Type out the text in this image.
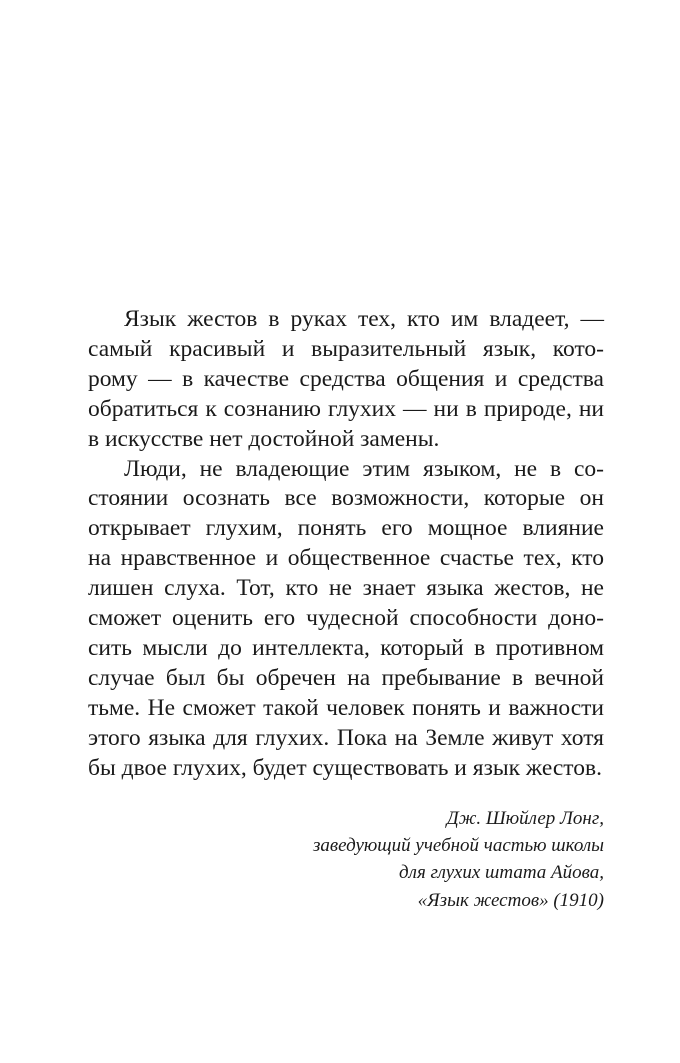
Язык жестов в руках тех, кто им владеет, —
самый красивый и выразительный язык, кото-
рому — в качестве средства общения и средства
обратиться к сознанию глухих — ни в природе, ни
в искусстве нет достойной замены.
Люди, не владеющие этим языком, не в со-
стоянии осознать все возможности, которые он
открывает глухим, понять его мощное влияние
на нравственное и общественное счастье тех, кто
лишен слуха. Тот, кто не знает языка жестов, не
сможет оценить его чудесной способности доно-
сить мысли до интеллекта, который в противном
случае был бы обречен на пребывание в вечной
тьме. Не сможет такой человек понять и важности
этого языка для глухих. Пока на Земле живут хотя
бы двое глухих, будет существовать и язык жестов.
Дж. Шюйлер Лонг,
заведующий учебной частью школы
для глухих штата Айова,
«Язык жестов» (1910)
